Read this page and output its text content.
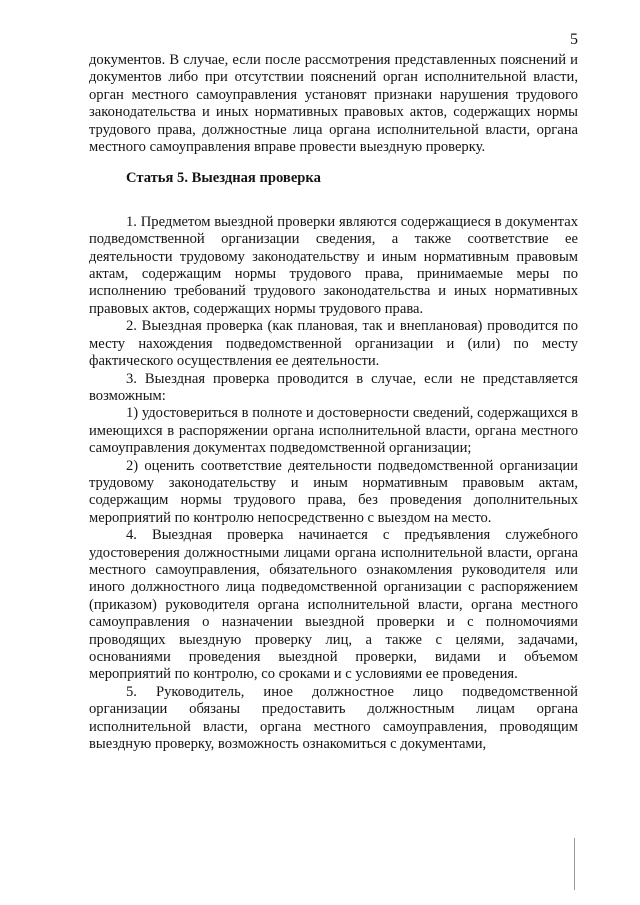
5

документов. В случае, если после рассмотрения представленных пояснений и документов либо при отсутствии пояснений орган исполнительной власти, орган местного самоуправления установят признаки нарушения трудового законодательства и иных нормативных правовых актов, содержащих нормы трудового права, должностные лица органа исполнительной власти, органа местного самоуправления вправе провести выездную проверку.

Статья 5. Выездная проверка

1. Предметом выездной проверки являются содержащиеся в документах подведомственной организации сведения, а также соответствие ее деятельности трудовому законодательству и иным нормативным правовым актам, содержащим нормы трудового права, принимаемые меры по исполнению требований трудового законодательства и иных нормативных правовых актов, содержащих нормы трудового права.

2. Выездная проверка (как плановая, так и внеплановая) проводится по месту нахождения подведомственной организации и (или) по месту фактического осуществления ее деятельности.

3. Выездная проверка проводится в случае, если не представляется возможным:

1) удостовериться в полноте и достоверности сведений, содержащихся в имеющихся в распоряжении органа исполнительной власти, органа местного самоуправления документах подведомственной организации;

2) оценить соответствие деятельности подведомственной организации трудовому законодательству и иным нормативным правовым актам, содержащим нормы трудового права, без проведения дополнительных мероприятий по контролю непосредственно с выездом на место.

4. Выездная проверка начинается с предъявления служебного удостоверения должностными лицами органа исполнительной власти, органа местного самоуправления, обязательного ознакомления руководителя или иного должностного лица подведомственной организации с распоряжением (приказом) руководителя органа исполнительной власти, органа местного самоуправления о назначении выездной проверки и с полномочиями проводящих выездную проверку лиц, а также с целями, задачами, основаниями проведения выездной проверки, видами и объемом мероприятий по контролю, со сроками и с условиями ее проведения.

5. Руководитель, иное должностное лицо подведомственной организации обязаны предоставить должностным лицам органа исполнительной власти, органа местного самоуправления, проводящим выездную проверку, возможность ознакомиться с документами,
